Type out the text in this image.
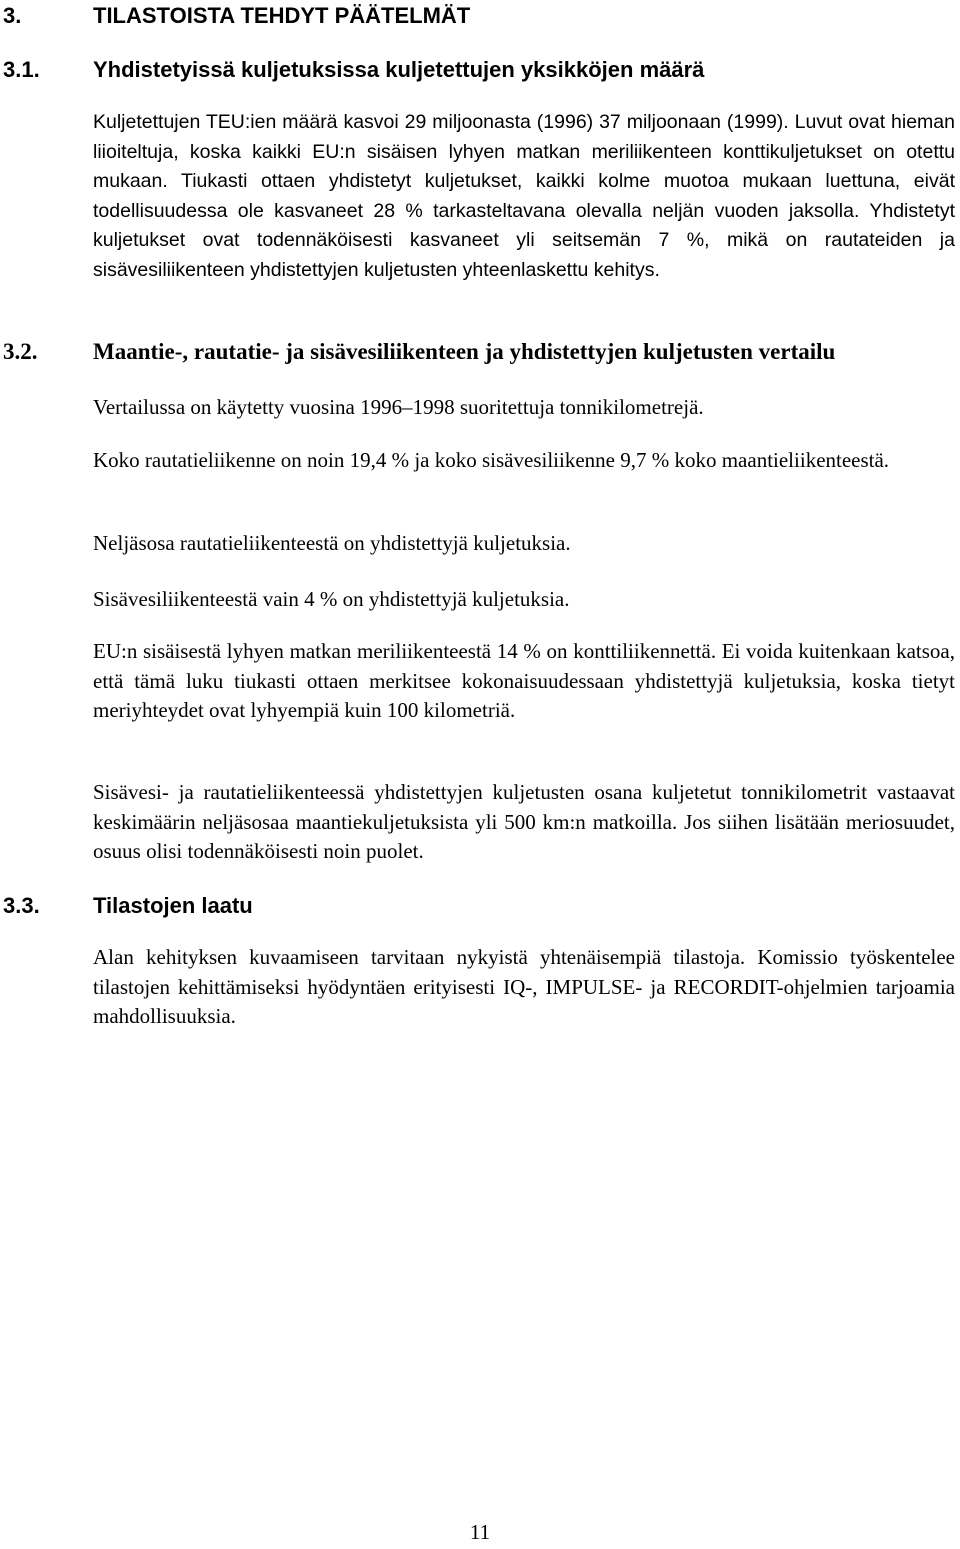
3.	TILASTOISTA TEHDYT PÄÄTELMÄT
3.1. Yhdistetyissä kuljetuksissa kuljetettujen yksikköjen määrä

Kuljetettujen TEU:ien määrä kasvoi 29 miljoonasta (1996) 37 miljoonaan (1999). Luvut ovat hieman liioiteltuja, koska kaikki EU:n sisäisen lyhyen matkan meriliikenteen konttikuljetukset on otettu mukaan. Tiukasti ottaen yhdistetyt kuljetukset, kaikki kolme muotoa mukaan luettuna, eivät todellisuudessa ole kasvaneet 28 % tarkasteltavana olevalla neljän vuoden jaksolla. Yhdistetyt kuljetukset ovat todennäköisesti kasvaneet yli seitsemän 7 %, mikä on rautateiden ja sisävesiliikenteen yhdistettyjen kuljetusten yhteenlaskettu kehitys.

3.2. Maantie-, rautatie- ja sisävesiliikenteen ja yhdistettyjen kuljetusten vertailu

Vertailussa on käytetty vuosina 1996–1998 suoritettuja tonnikilometrejä.

Koko rautatieliikenne on noin 19,4 % ja koko sisävesiliikenne 9,7 % koko maantieliikenteestä.

Neljäsosa rautatieliikenteestä on yhdistettyjä kuljetuksia.

Sisävesiliikenteestä vain 4 % on yhdistettyjä kuljetuksia.

EU:n sisäisestä lyhyen matkan meriliikenteestä 14 % on konttiliikennettä. Ei voida kuitenkaan katsoa, että tämä luku tiukasti ottaen merkitsee kokonaisuudessaan yhdistettyjä kuljetuksia, koska tietyt meriyhteydet ovat lyhyempiä kuin 100 kilometriä.

Sisävesi- ja rautatieliikenteessä yhdistettyjen kuljetusten osana kuljetetut tonnikilometrit vastaavat keskimäärin neljäsosaa maantiekuljetuksista yli 500 km:n matkoilla. Jos siihen lisätään meriosuudet, osuus olisi todennäköisesti noin puolet.

3.3. Tilastojen laatu

Alan kehityksen kuvaamiseen tarvitaan nykyistä yhtenäisempiä tilastoja. Komissio työskentelee tilastojen kehittämiseksi hyödyntäen erityisesti IQ-, IMPULSE- ja RECORDIT-ohjelmien tarjoamia mahdollisuuksia.

11
